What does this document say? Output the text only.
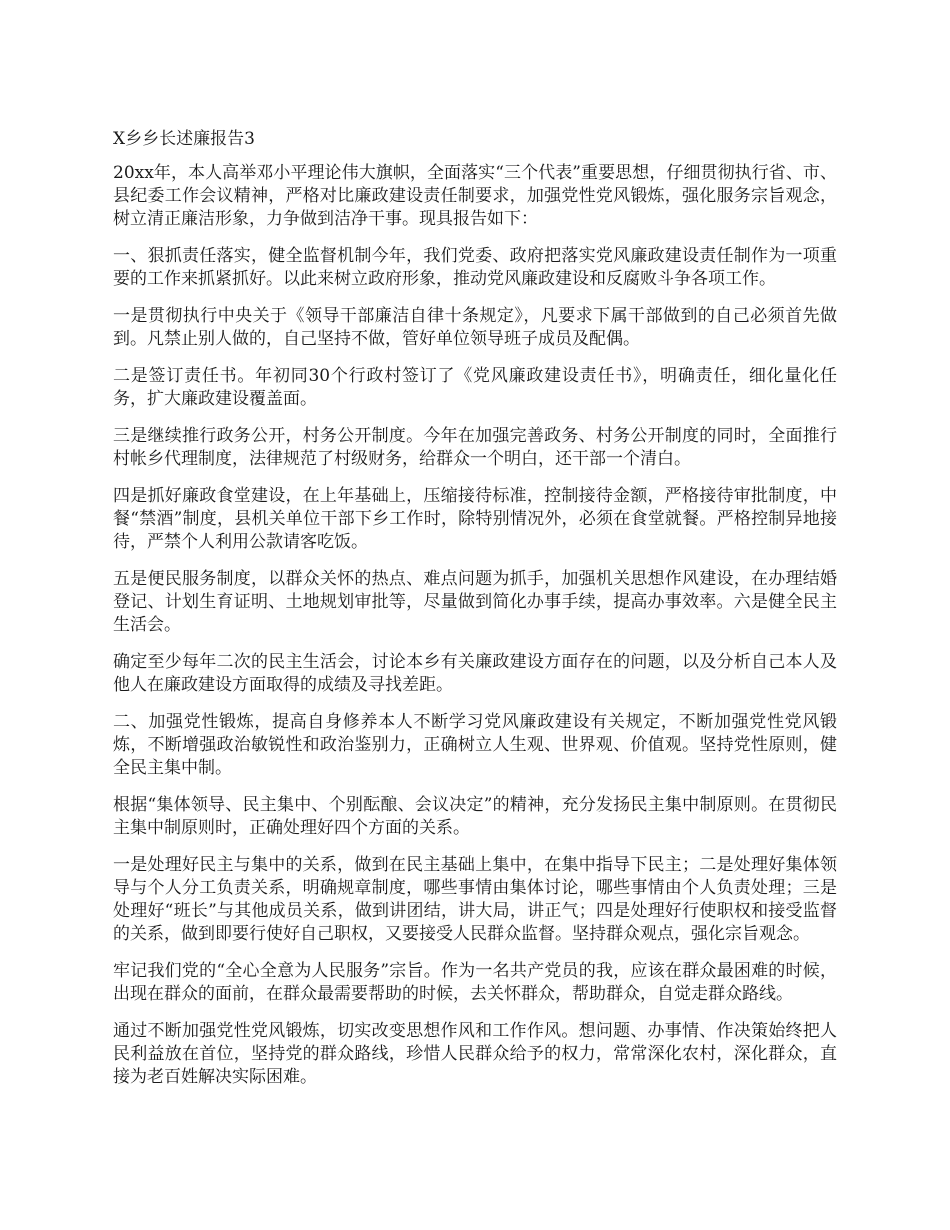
X乡乡长述廉报告3

20xx年，本人高举邓小平理论伟大旗帜，全面落实“三个代表”重要思想，仔细贯彻执行省、市、县纪委工作会议精神，严格对比廉政建设责任制要求，加强党性党风锻炼，强化服务宗旨观念，树立清正廉洁形象，力争做到洁净干事。现具报告如下：

一、狠抓责任落实，健全监督机制今年，我们党委、政府把落实党风廉政建设责任制作为一项重要的工作来抓紧抓好。以此来树立政府形象，推动党风廉政建设和反腐败斗争各项工作。

一是贯彻执行中央关于《领导干部廉洁自律十条规定》，凡要求下属干部做到的自己必须首先做到。凡禁止别人做的，自己坚持不做，管好单位领导班子成员及配偶。

二是签订责任书。年初同30个行政村签订了《党风廉政建设责任书》，明确责任，细化量化任务，扩大廉政建设覆盖面。

三是继续推行政务公开，村务公开制度。今年在加强完善政务、村务公开制度的同时，全面推行村帐乡代理制度，法律规范了村级财务，给群众一个明白，还干部一个清白。

四是抓好廉政食堂建设，在上年基础上，压缩接待标准，控制接待金额，严格接待审批制度，中餐“禁酒”制度，县机关单位干部下乡工作时，除特别情况外，必须在食堂就餐。严格控制异地接待，严禁个人利用公款请客吃饭。

五是便民服务制度，以群众关怀的热点、难点问题为抓手，加强机关思想作风建设，在办理结婚登记、计划生育证明、土地规划审批等，尽量做到简化办事手续，提高办事效率。六是健全民主生活会。

确定至少每年二次的民主生活会，讨论本乡有关廉政建设方面存在的问题，以及分析自己本人及他人在廉政建设方面取得的成绩及寻找差距。

二、加强党性锻炼，提高自身修养本人不断学习党风廉政建设有关规定，不断加强党性党风锻炼，不断增强政治敏锐性和政治鉴别力，正确树立人生观、世界观、价值观。坚持党性原则，健全民主集中制。

根据“集体领导、民主集中、个别酝酿、会议决定”的精神，充分发扬民主集中制原则。在贯彻民主集中制原则时，正确处理好四个方面的关系。

一是处理好民主与集中的关系，做到在民主基础上集中，在集中指导下民主；二是处理好集体领导与个人分工负责关系，明确规章制度，哪些事情由集体讨论，哪些事情由个人负责处理；三是处理好“班长”与其他成员关系，做到讲团结，讲大局，讲正气；四是处理好行使职权和接受监督的关系，做到即要行使好自己职权，又要接受人民群众监督。坚持群众观点，强化宗旨观念。

牢记我们党的“全心全意为人民服务”宗旨。作为一名共产党员的我，应该在群众最困难的时候，出现在群众的面前，在群众最需要帮助的时候，去关怀群众，帮助群众，自觉走群众路线。

通过不断加强党性党风锻炼，切实改变思想作风和工作作风。想问题、办事情、作决策始终把人民利益放在首位，坚持党的群众路线，珍惜人民群众给予的权力，常常深化农村，深化群众，直接为老百姓解决实际困难。
